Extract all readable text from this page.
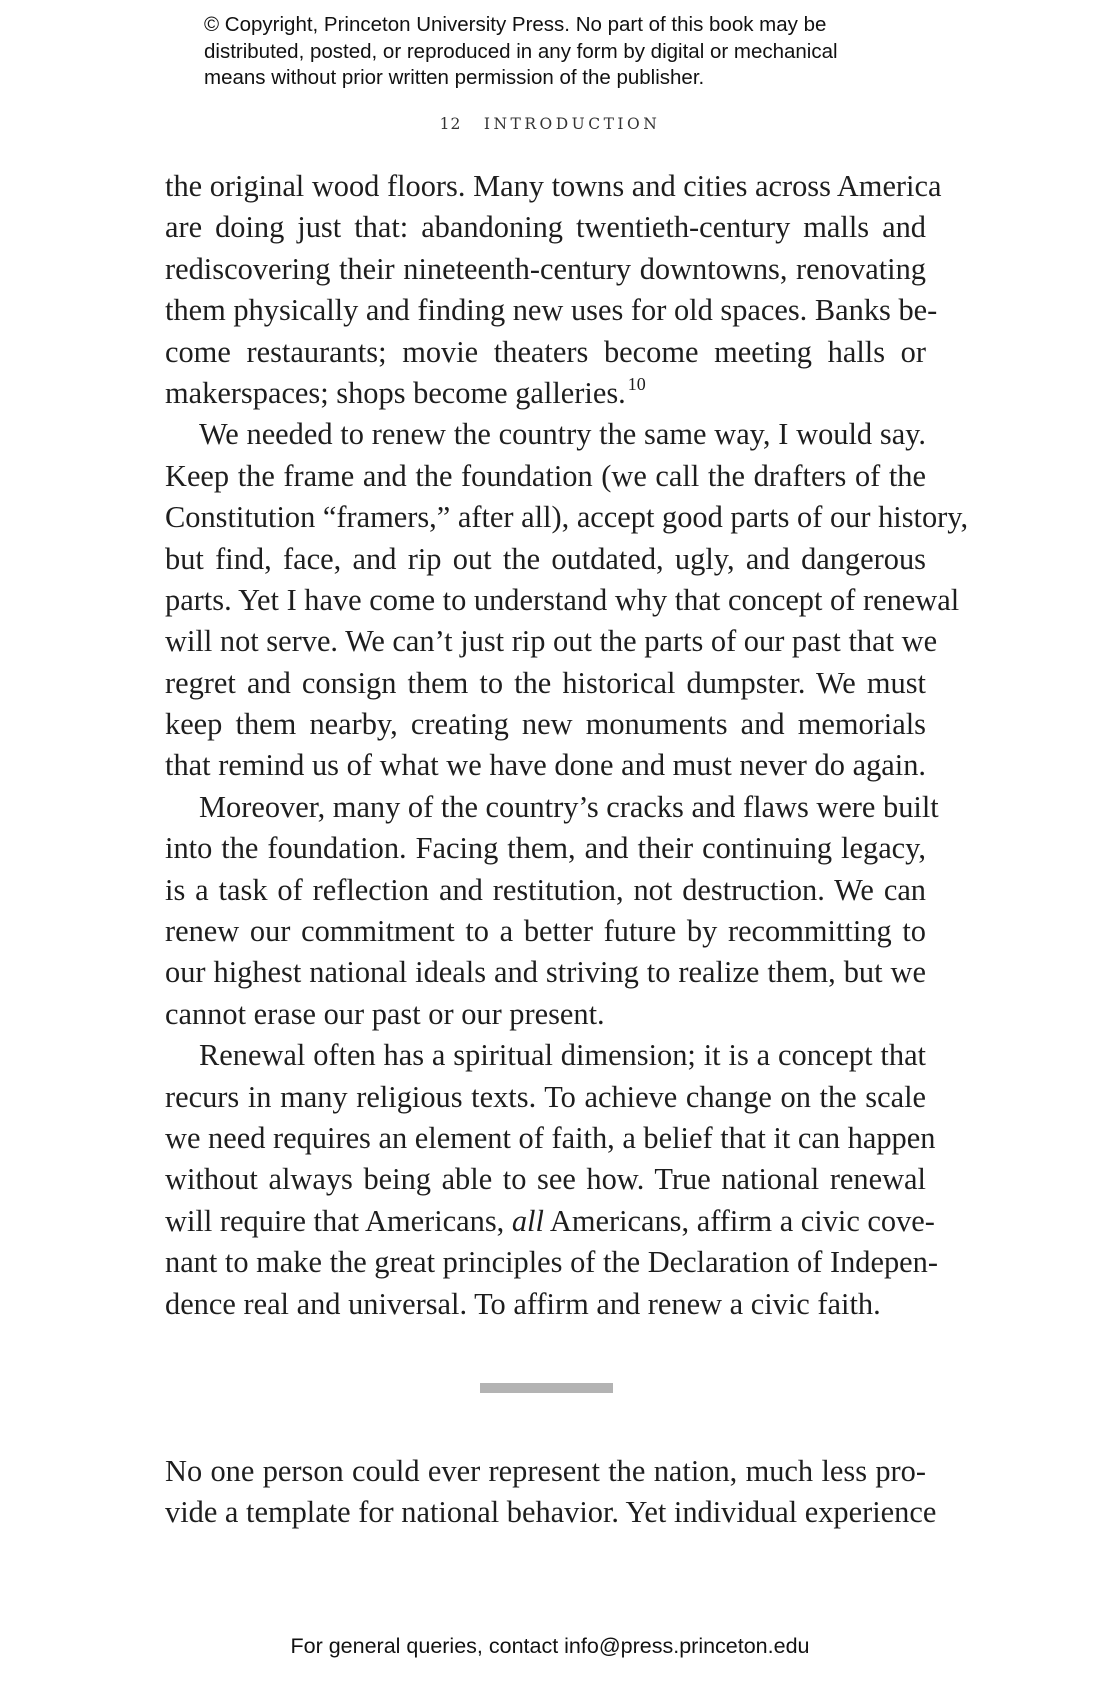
© Copyright, Princeton University Press. No part of this book may be
distributed, posted, or reproduced in any form by digital or mechanical
means without prior written permission of the publisher.
12 INTRODUCTION
the original wood floors. Many towns and cities across America
are doing just that: abandoning twentieth-century malls and
rediscovering their nineteenth-century downtowns, renovating
them physically and finding new uses for old spaces. Banks be-
come restaurants; movie theaters become meeting halls or
makerspaces; shops become galleries. $^{10}$
We needed to renew the country the same way, I would say.
Keep the frame and the foundation (we call the drafters of the
Constitution “framers,” after all), accept good parts of our history,
but find, face, and rip out the outdated, ugly, and dangerous
parts. Yet I have come to understand why that concept of renewal
will not serve. We can’t just rip out the parts of our past that we
regret and consign them to the historical dumpster. We must
keep them nearby, creating new monuments and memorials
that remind us of what we have done and must never do again.
Moreover, many of the country’s cracks and flaws were built
into the foundation. Facing them, and their continuing legacy,
is a task of reflection and restitution, not destruction. We can
renew our commitment to a better future by recommitting to
our highest national ideals and striving to realize them, but we
cannot erase our past or our present.
Renewal often has a spiritual dimension; it is a concept that
recurs in many religious texts. To achieve change on the scale
we need requires an element of faith, a belief that it can happen
without always being able to see how. True national renewal
will require that Americans, all Americans, affirm a civic cove-
nant to make the great principles of the Declaration of Indepen-
dence real and universal. To affirm and renew a civic faith.
No one person could ever represent the nation, much less pro-
vide a template for national behavior. Yet individual experience
For general queries, contact info@press.princeton.edu
